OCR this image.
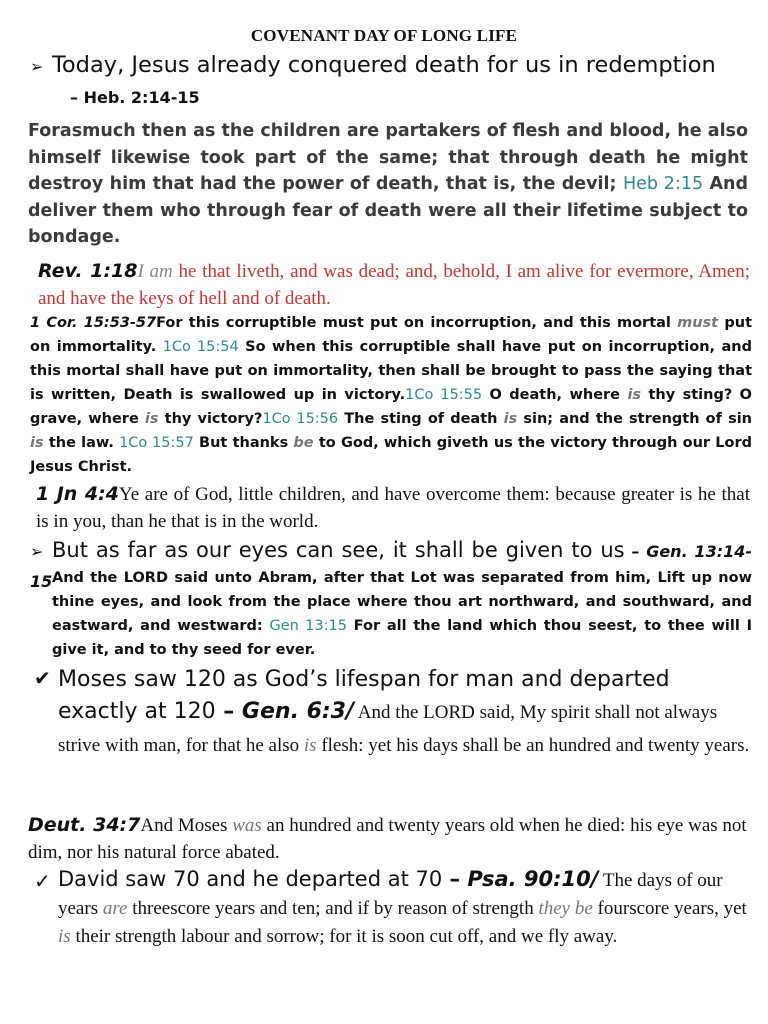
COVENANT DAY OF LONG LIFE
➢ Today, Jesus already conquered death for us in redemption
– Heb. 2:14-15
Forasmuch then as the children are partakers of flesh and blood, he also himself likewise took part of the same; that through death he might destroy him that had the power of death, that is, the devil; Heb 2:15 And deliver them who through fear of death were all their lifetime subject to bondage.
Rev. 1:18I am he that liveth, and was dead; and, behold, I am alive for evermore, Amen; and have the keys of hell and of death.
1 Cor. 15:53-57For this corruptible must put on incorruption, and this mortal must put on immortality. 1Co 15:54 So when this corruptible shall have put on incorruption, and this mortal shall have put on immortality, then shall be brought to pass the saying that is written, Death is swallowed up in victory.1Co 15:55 O death, where is thy sting? O grave, where is thy victory?1Co 15:56 The sting of death is sin; and the strength of sin is the law. 1Co 15:57 But thanks be to God, which giveth us the victory through our Lord Jesus Christ.
1 Jn 4:4Ye are of God, little children, and have overcome them: because greater is he that is in you, than he that is in the world.
➢ But as far as our eyes can see, it shall be given to us – Gen. 13:14-15 And the LORD said unto Abram, after that Lot was separated from him, Lift up now thine eyes, and look from the place where thou art northward, and southward, and eastward, and westward: Gen 13:15 For all the land which thou seest, to thee will I give it, and to thy seed for ever.
✔ Moses saw 120 as God’s lifespan for man and departed exactly at 120 – Gen. 6:3/ And the LORD said, My spirit shall not always strive with man, for that he also is flesh: yet his days shall be an hundred and twenty years.
Deut. 34:7And Moses was an hundred and twenty years old when he died: his eye was not dim, nor his natural force abated.
✓ David saw 70 and he departed at 70 – Psa. 90:10/ The days of our years are threescore years and ten; and if by reason of strength they be fourscore years, yet is their strength labour and sorrow; for it is soon cut off, and we fly away.
